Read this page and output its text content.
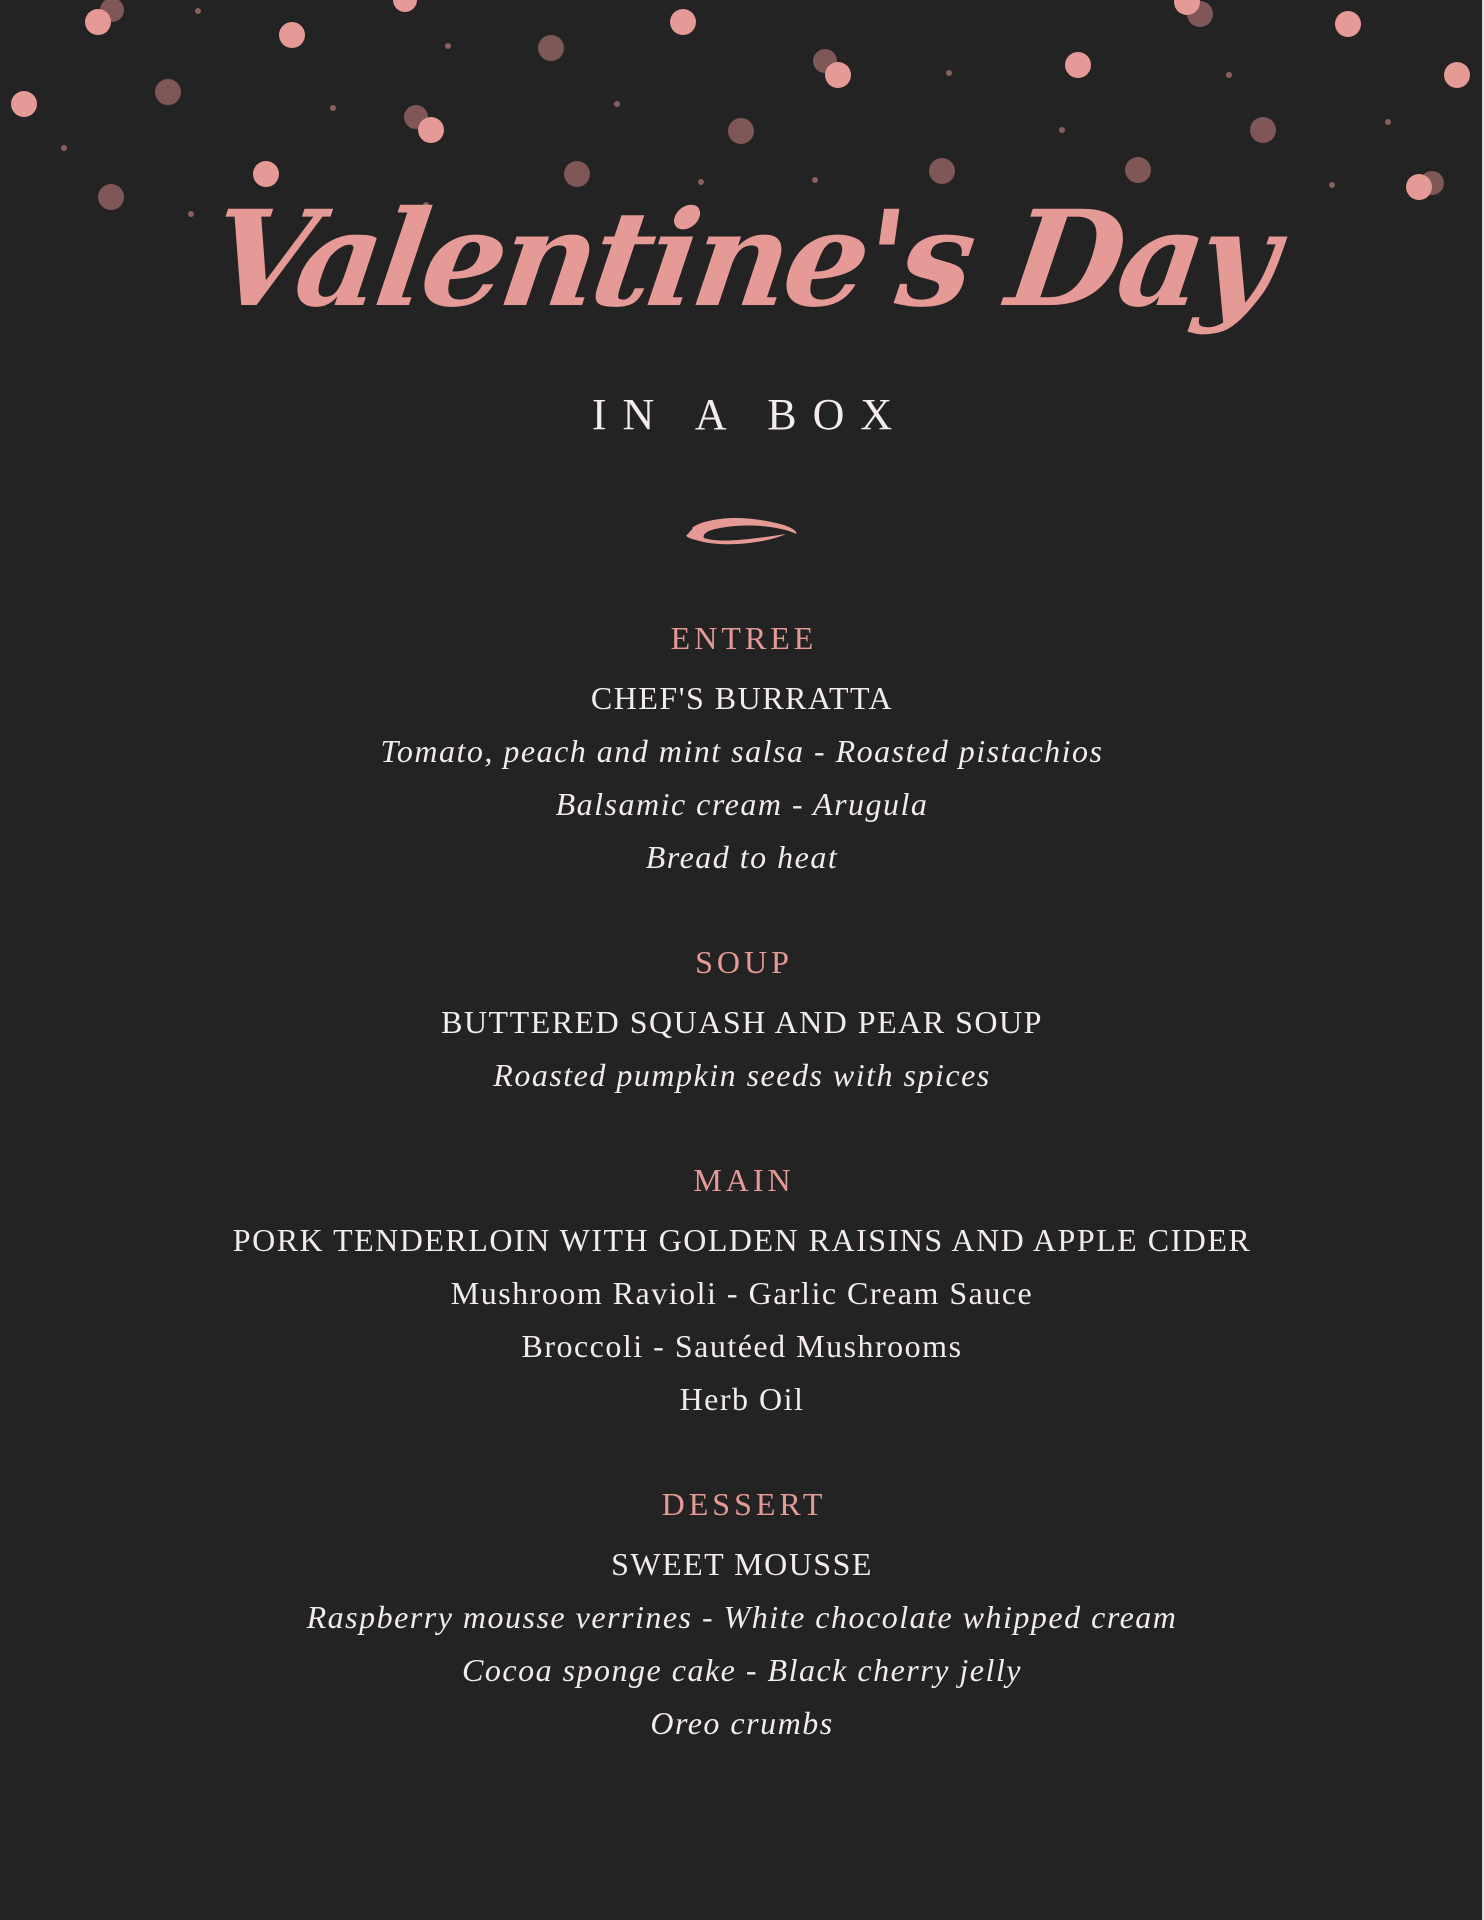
Valentine's Day
IN A BOX
ENTREE
CHEF'S BURRATTA
Tomato, peach and mint salsa - Roasted pistachios
Balsamic cream - Arugula
Bread to heat
SOUP
BUTTERED SQUASH AND PEAR SOUP
Roasted pumpkin seeds with spices
MAIN
PORK TENDERLOIN WITH GOLDEN RAISINS AND APPLE CIDER
Mushroom Ravioli - Garlic Cream Sauce
Broccoli - Sautéed Mushrooms
Herb Oil
DESSERT
SWEET MOUSSE
Raspberry mousse verrines - White chocolate whipped cream
Cocoa sponge cake - Black cherry jelly
Oreo crumbs
